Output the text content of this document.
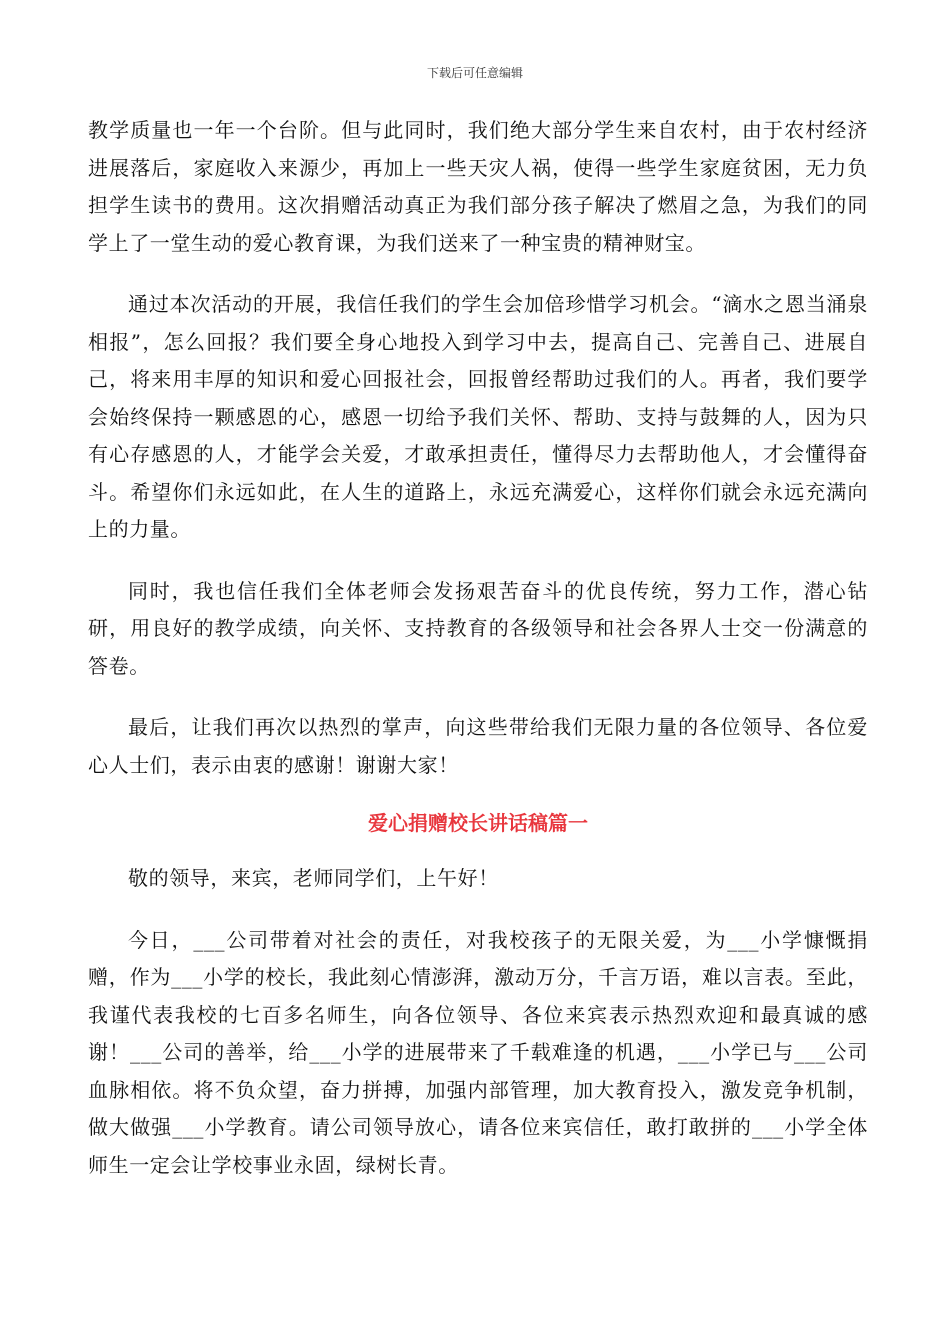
下载后可任意编辑

教学质量也一年一个台阶。但与此同时，我们绝大部分学生来自农村，由于农村经济进展落后，家庭收入来源少，再加上一些天灾人祸，使得一些学生家庭贫困，无力负担学生读书的费用。这次捐赠活动真正为我们部分孩子解决了燃眉之急，为我们的同学上了一堂生动的爱心教育课，为我们送来了一种宝贵的精神财宝。

通过本次活动的开展，我信任我们的学生会加倍珍惜学习机会。“滴水之恩当涌泉相报”，怎么回报？我们要全身心地投入到学习中去，提高自己、完善自己、进展自己，将来用丰厚的知识和爱心回报社会，回报曾经帮助过我们的人。再者，我们要学会始终保持一颗感恩的心，感恩一切给予我们关怀、帮助、支持与鼓舞的人，因为只有心存感恩的人，才能学会关爱，才敢承担责任，懂得尽力去帮助他人，才会懂得奋斗。希望你们永远如此，在人生的道路上，永远充满爱心，这样你们就会永远充满向上的力量。

同时，我也信任我们全体老师会发扬艰苦奋斗的优良传统，努力工作，潜心钻研，用良好的教学成绩，向关怀、支持教育的各级领导和社会各界人士交一份满意的答卷。

最后，让我们再次以热烈的掌声，向这些带给我们无限力量的各位领导、各位爱心人士们，表示由衷的感谢！谢谢大家！

爱心捐赠校长讲话稿篇一

敬的领导，来宾，老师同学们，上午好！

今日，___公司带着对社会的责任，对我校孩子的无限关爱，为___小学慷慨捐赠，作为___小学的校长，我此刻心情澎湃，激动万分，千言万语，难以言表。至此，我谨代表我校的七百多名师生，向各位领导、各位来宾表示热烈欢迎和最真诚的感谢！___公司的善举，给___小学的进展带来了千载难逢的机遇，___小学已与___公司血脉相依。将不负众望，奋力拼搏，加强内部管理，加大教育投入，激发竞争机制，做大做强___小学教育。请公司领导放心，请各位来宾信任，敢打敢拼的___小学全体师生一定会让学校事业永固，绿树长青。
